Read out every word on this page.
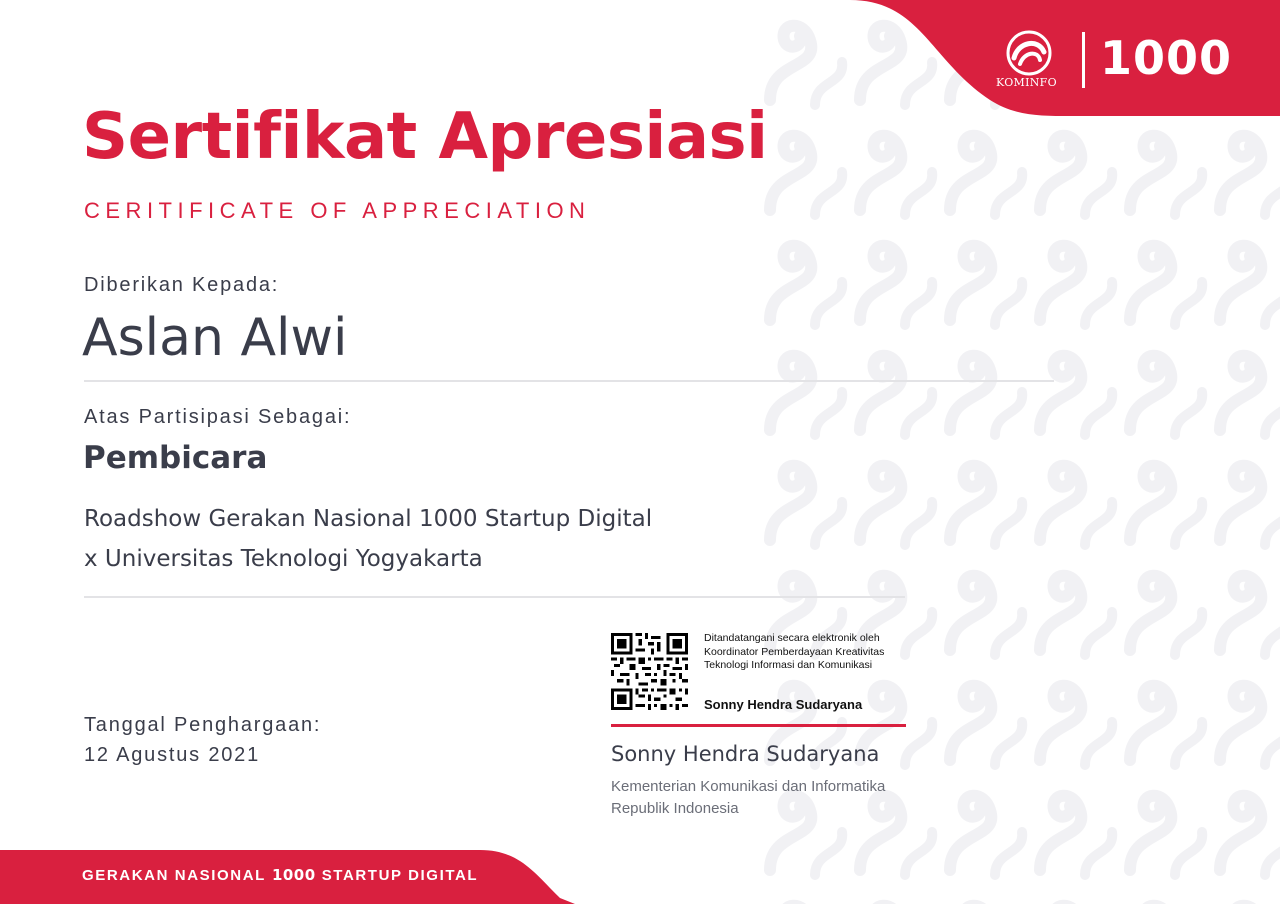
KOMINFO 1000
Sertifikat Apresiasi
CERITIFICATE OF APPRECIATION
Diberikan Kepada:
Aslan Alwi
Atas Partisipasi Sebagai:
Pembicara
Roadshow Gerakan Nasional 1000 Startup Digital
x Universitas Teknologi Yogyakarta
Tanggal Penghargaan:
12 Agustus 2021
Ditandatangani secara elektronik oleh
Koordinator Pemberdayaan Kreativitas
Teknologi Informasi dan Komunikasi
Sonny Hendra Sudaryana
Sonny Hendra Sudaryana
Kementerian Komunikasi dan Informatika
Republik Indonesia
GERAKAN NASIONAL 1000 STARTUP DIGITAL
